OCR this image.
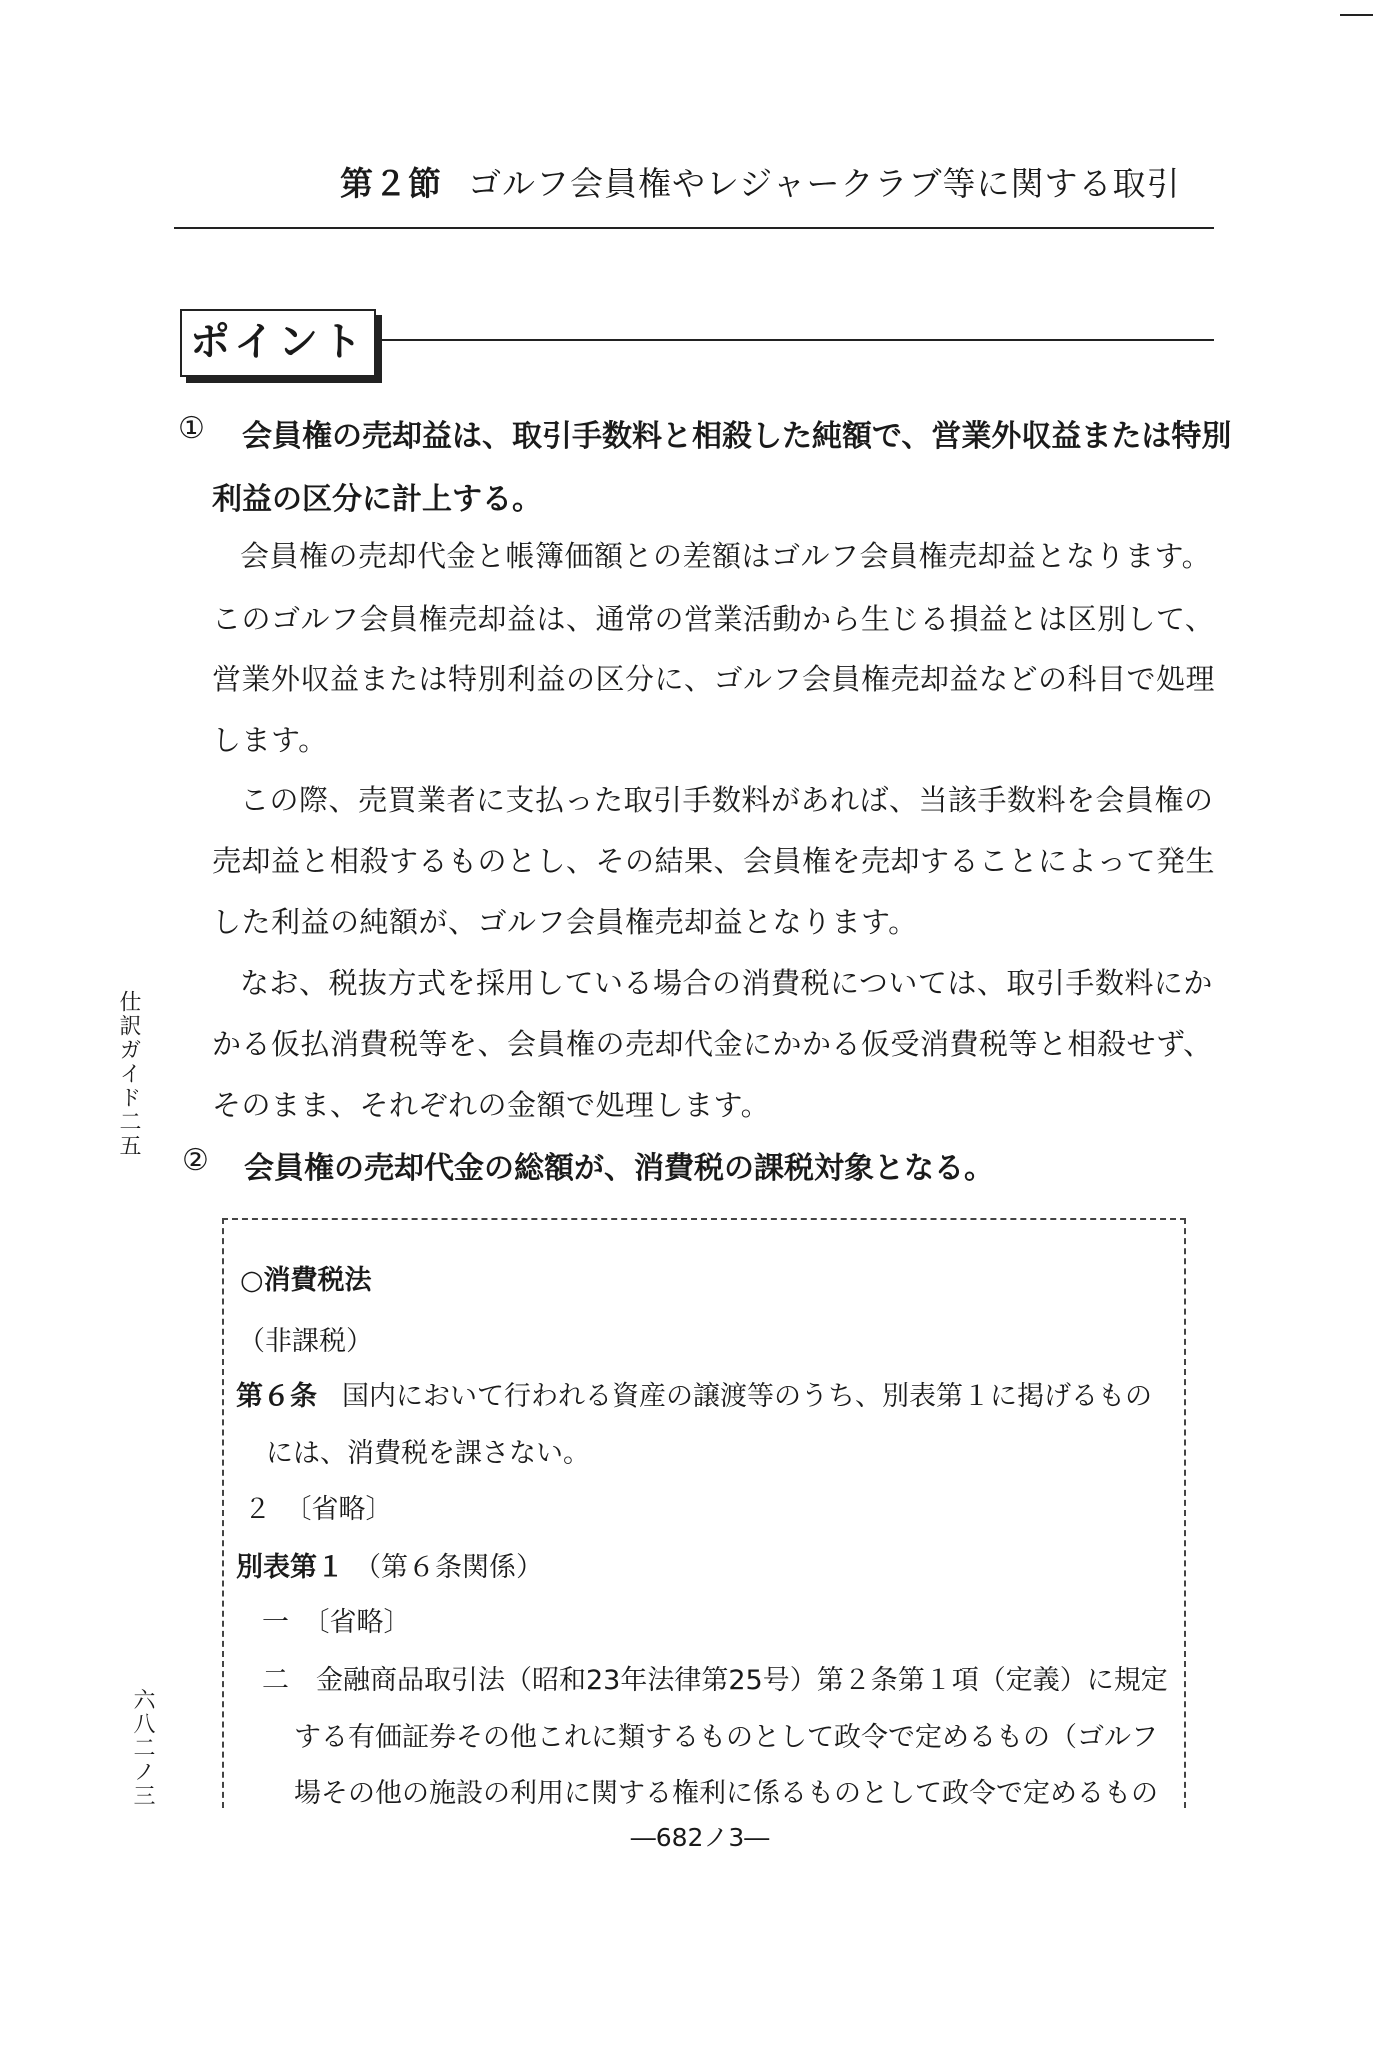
第２節 ゴルフ会員権やレジャークラブ等に関する取引
ポイント
① 会員権の売却益は、取引手数料と相殺した純額で、営業外収益または特別
利益の区分に計上する。
会員権の売却代金と帳簿価額との差額はゴルフ会員権売却益となります。
このゴルフ会員権売却益は、通常の営業活動から生じる損益とは区別して、
営業外収益または特別利益の区分に、ゴルフ会員権売却益などの科目で処理
します。
この際、売買業者に支払った取引手数料があれば、当該手数料を会員権の
売却益と相殺するものとし、その結果、会員権を売却することによって発生
した利益の純額が、ゴルフ会員権売却益となります。
なお、税抜方式を採用している場合の消費税については、取引手数料にか
かる仮払消費税等を、会員権の売却代金にかかる仮受消費税等と相殺せず、
そのまま、それぞれの金額で処理します。
② 会員権の売却代金の総額が、消費税の課税対象となる。
○消費税法
（非課税）
第６条 国内において行われる資産の譲渡等のうち、別表第１に掲げるもの
には、消費税を課さない。
２　〔省略〕
別表第１ （第６条関係）
一　〔省略〕
二　金融商品取引法（昭和23年法律第25号）第２条第１項（定義）に規定
する有価証券その他これに類するものとして政令で定めるもの（ゴルフ
場その他の施設の利用に関する権利に係るものとして政令で定めるもの
仕訳ガイド二五
六八二ノ三
―682ノ3―
